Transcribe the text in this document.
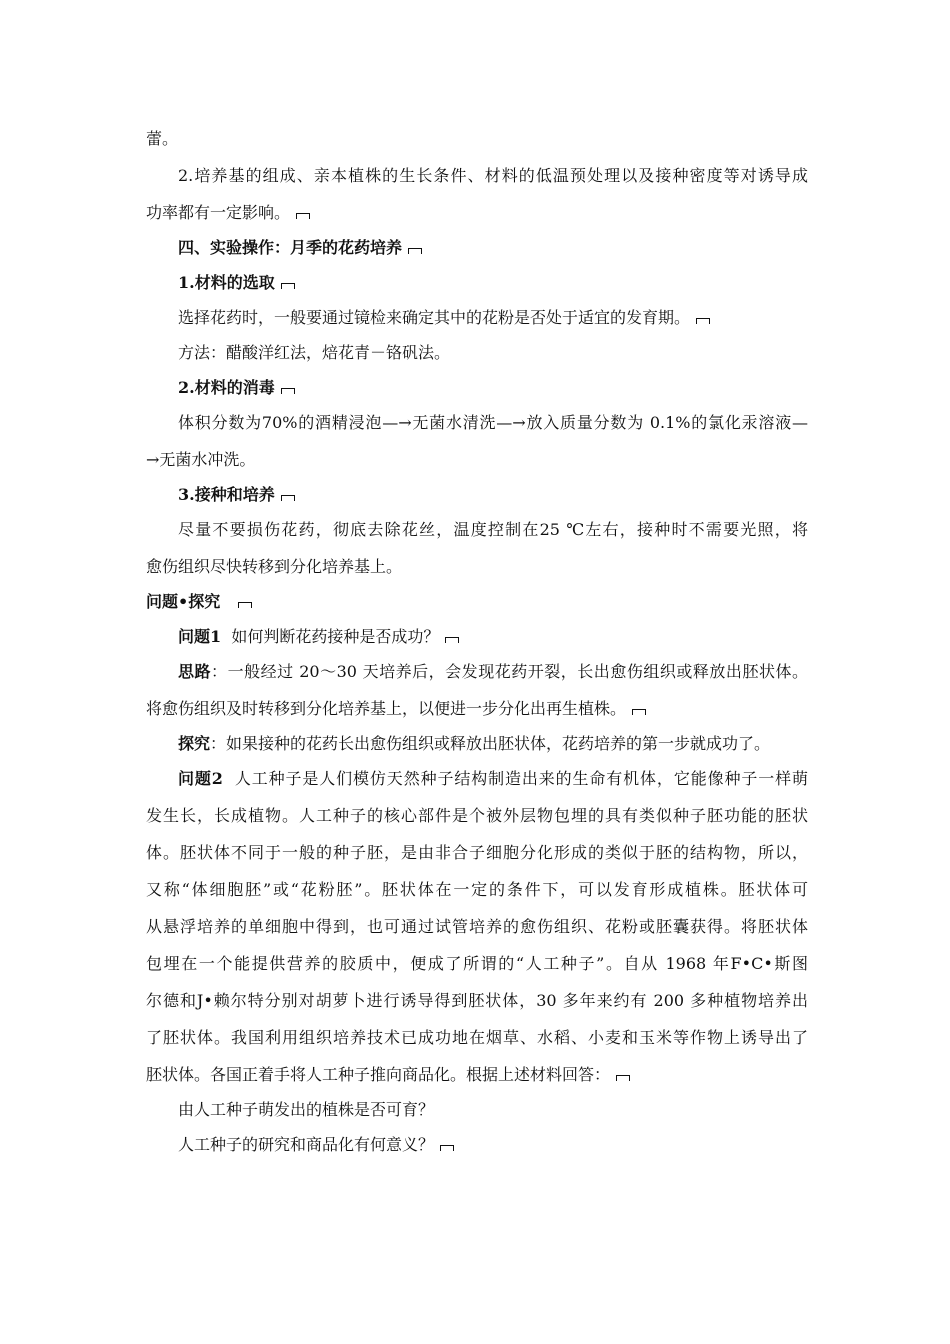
蕾。

2.培养基的组成、亲本植株的生长条件、材料的低温预处理以及接种密度等对诱导成

功率都有一定影响。

四、实验操作：月季的花药培养

1.材料的选取

选择花药时，一般要通过镜检来确定其中的花粉是否处于适宜的发育期。

方法：醋酸洋红法，焙花青－铬矾法。

2.材料的消毒

体积分数为70%的酒精浸泡—→无菌水清洗—→放入质量分数为 0.1%的氯化汞溶液—

→无菌水冲洗。

3.接种和培养

尽量不要损伤花药，彻底去除花丝，温度控制在25 ℃左右，接种时不需要光照，将

愈伤组织尽快转移到分化培养基上。

问题•探究

问题1 如何判断花药接种是否成功？

思路：一般经过 20～30 天培养后，会发现花药开裂，长出愈伤组织或释放出胚状体。

将愈伤组织及时转移到分化培养基上，以便进一步分化出再生植株。

探究：如果接种的花药长出愈伤组织或释放出胚状体，花药培养的第一步就成功了。

问题2 人工种子是人们模仿天然种子结构制造出来的生命有机体，它能像种子一样萌

发生长，长成植物。人工种子的核心部件是个被外层物包埋的具有类似种子胚功能的胚状

体。胚状体不同于一般的种子胚，是由非合子细胞分化形成的类似于胚的结构物，所以，

又称“体细胞胚”或“花粉胚”。胚状体在一定的条件下，可以发育形成植株。胚状体可

从悬浮培养的单细胞中得到，也可通过试管培养的愈伤组织、花粉或胚囊获得。将胚状体

包埋在一个能提供营养的胶质中，便成了所谓的“人工种子”。自从 1968 年F•C•斯图

尔德和J•赖尔特分别对胡萝卜进行诱导得到胚状体，30 多年来约有 200 多种植物培养出

了胚状体。我国利用组织培养技术已成功地在烟草、水稻、小麦和玉米等作物上诱导出了

胚状体。各国正着手将人工种子推向商品化。根据上述材料回答：

由人工种子萌发出的植株是否可育？

人工种子的研究和商品化有何意义？
